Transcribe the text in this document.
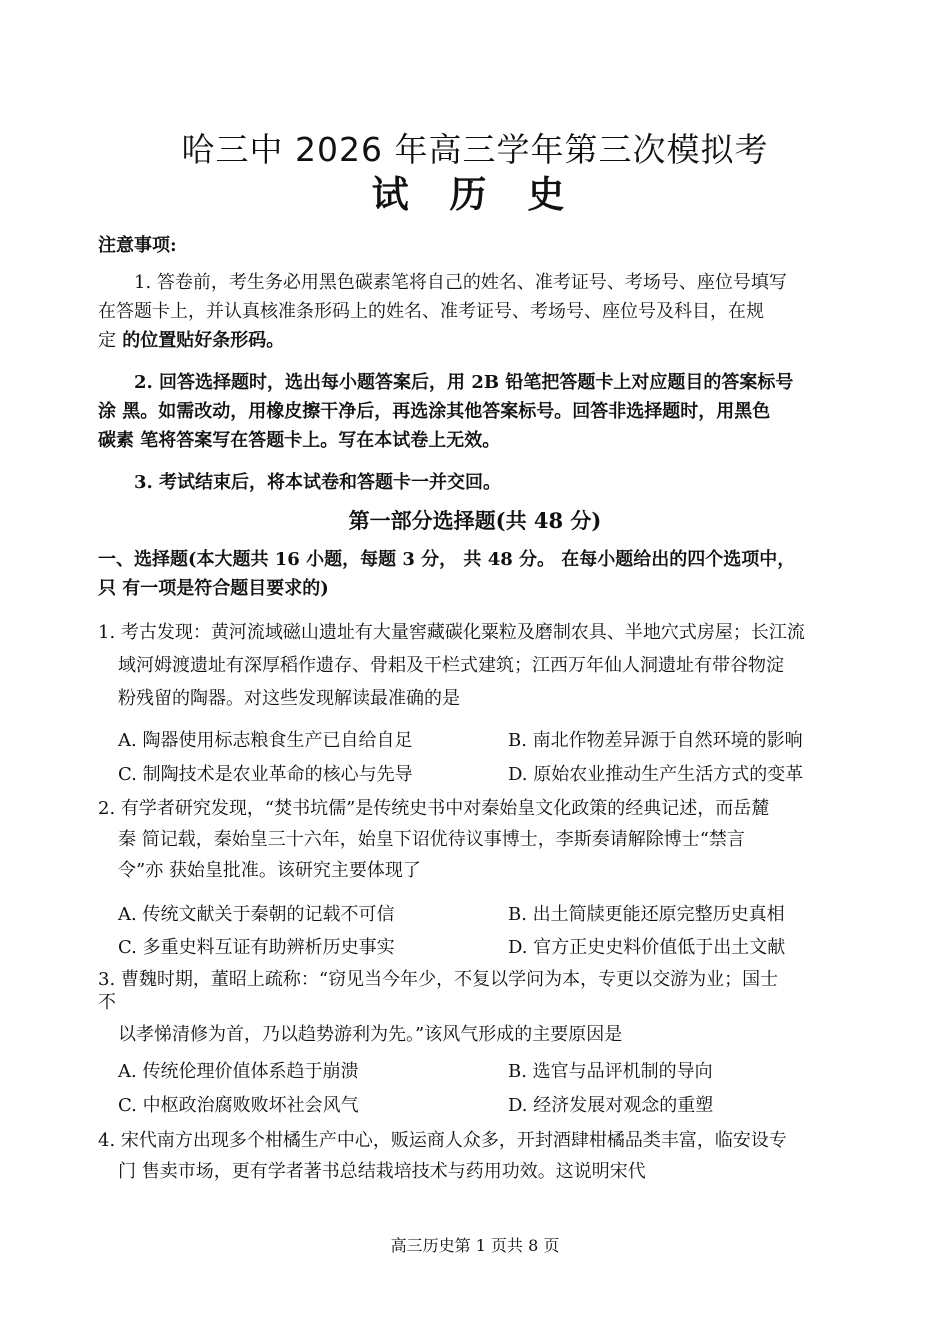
哈三中 2026 年高三学年第三次模拟考
试 历 史
注意事项:
1. 答卷前，考生务必用黑色碳素笔将自己的姓名、准考证号、考场号、座位号填写
在答题卡上，并认真核准条形码上的姓名、准考证号、考场号、座位号及科目，在规
定 的位置贴好条形码。
2. 回答选择题时，选出每小题答案后，用 2B 铅笔把答题卡上对应题目的答案标号
涂 黑。如需改动，用橡皮擦干净后，再选涂其他答案标号。回答非选择题时，用黑色
碳素 笔将答案写在答题卡上。写在本试卷上无效。
3. 考试结束后，将本试卷和答题卡一并交回。
第一部分选择题(共 48 分)
一、选择题(本大题共 16 小题，每题 3 分， 共 48 分。 在每小题给出的四个选项中，
只 有一项是符合题目要求的)
1. 考古发现：黄河流域磁山遗址有大量窖藏碳化粟粒及磨制农具、半地穴式房屋；长江流
域河姆渡遗址有深厚稻作遗存、骨耜及干栏式建筑；江西万年仙人洞遗址有带谷物淀
粉残留的陶器。对这些发现解读最准确的是
A. 陶器使用标志粮食生产已自给自足	B. 南北作物差异源于自然环境的影响
C. 制陶技术是农业革命的核心与先导	D. 原始农业推动生产生活方式的变革
2. 有学者研究发现，“焚书坑儒”是传统史书中对秦始皇文化政策的经典记述，而岳麓
秦 简记载，秦始皇三十六年，始皇下诏优待议事博士，李斯奏请解除博士“禁言
令”亦 获始皇批准。该研究主要体现了
A. 传统文献关于秦朝的记载不可信	B. 出土简牍更能还原完整历史真相
C. 多重史料互证有助辨析历史事实	D. 官方正史史料价值低于出土文献
3. 曹魏时期，董昭上疏称：“窃见当今年少，不复以学问为本，专更以交游为业；国士
不
以孝悌清修为首，乃以趋势游利为先。”该风气形成的主要原因是
A. 传统伦理价值体系趋于崩溃	B. 选官与品评机制的导向
C. 中枢政治腐败败坏社会风气	D. 经济发展对观念的重塑
4. 宋代南方出现多个柑橘生产中心，贩运商人众多，开封酒肆柑橘品类丰富，临安设专
门 售卖市场，更有学者著书总结栽培技术与药用功效。这说明宋代
高三历史第 1 页共 8 页
